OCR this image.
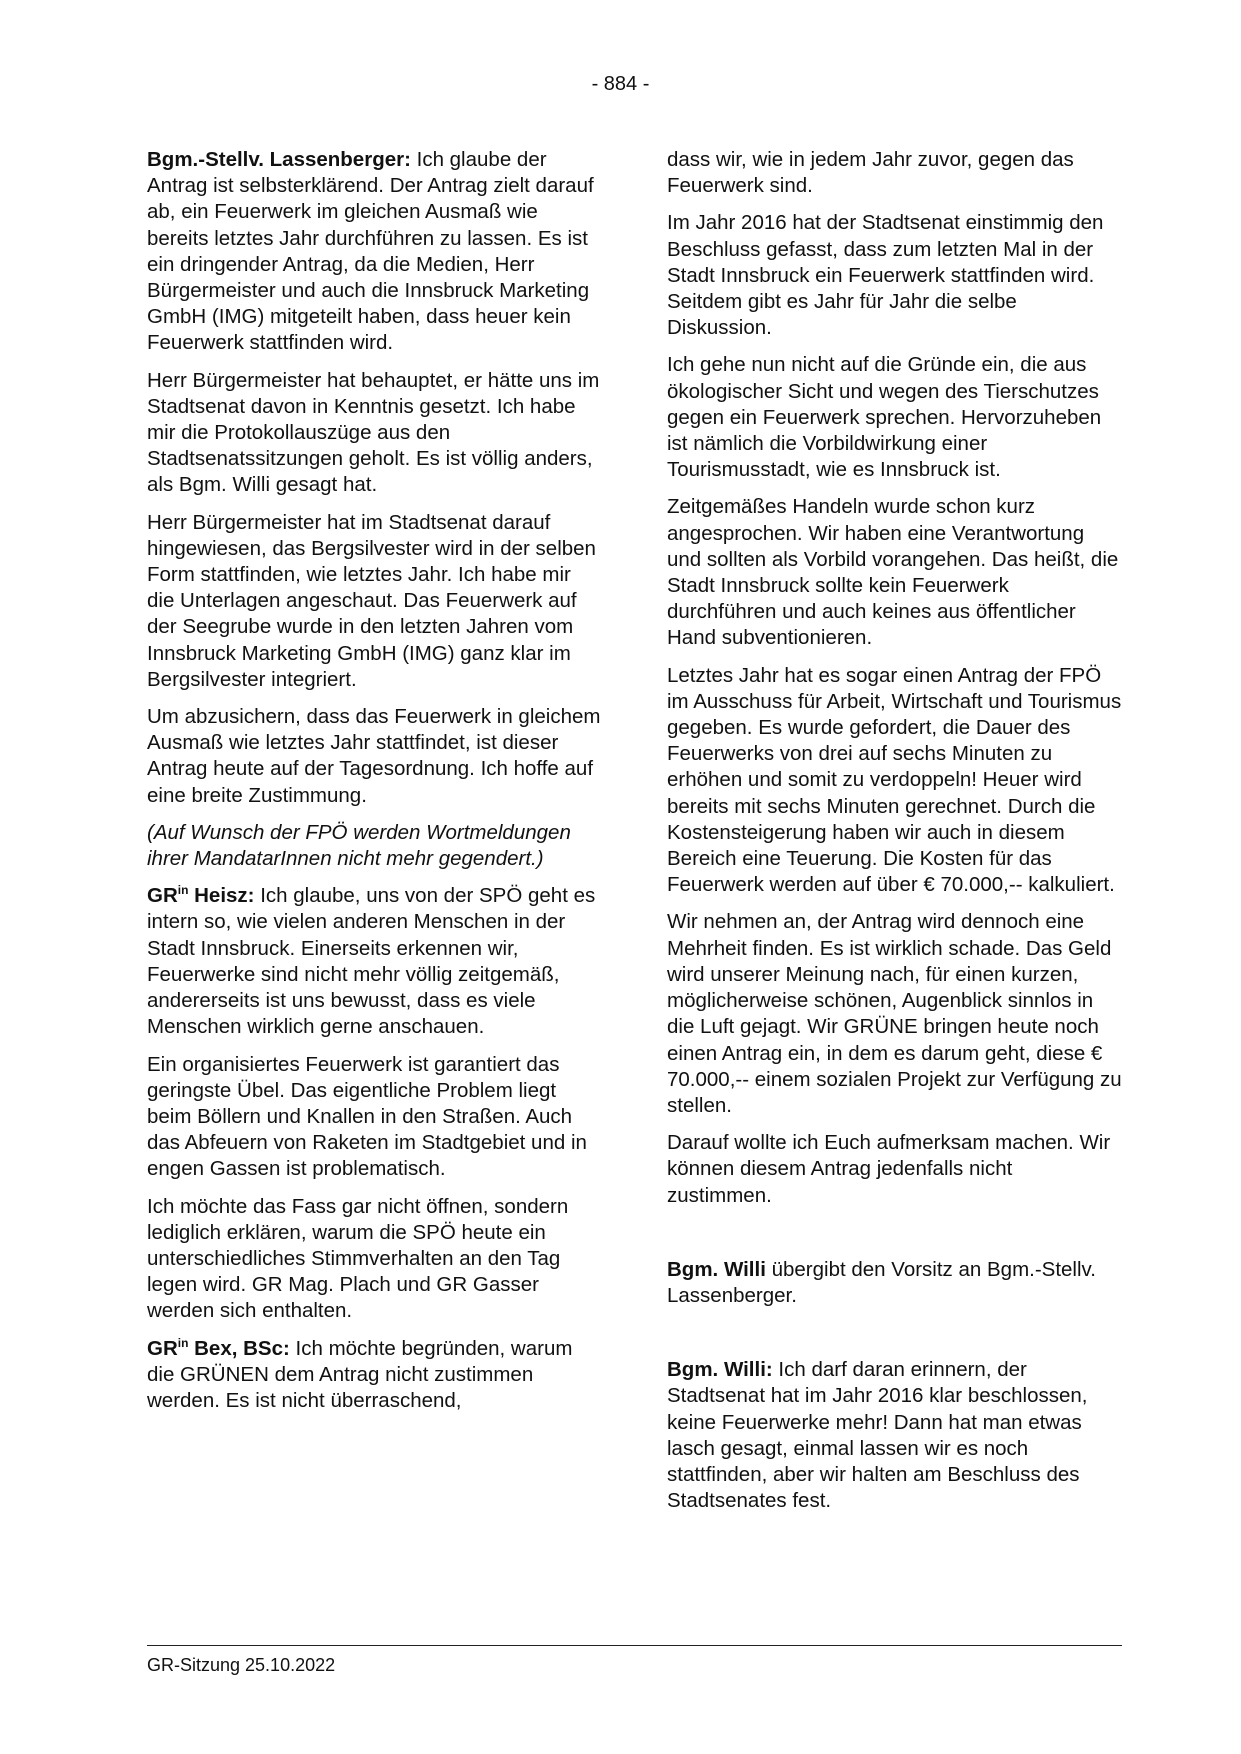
- 884 -

Bgm.-Stellv. Lassenberger: Ich glaube der Antrag ist selbsterklärend. Der Antrag zielt darauf ab, ein Feuerwerk im gleichen Ausmaß wie bereits letztes Jahr durchführen zu lassen. Es ist ein dringender Antrag, da die Medien, Herr Bürgermeister und auch die Innsbruck Marketing GmbH (IMG) mitgeteilt haben, dass heuer kein Feuerwerk stattfinden wird.

Herr Bürgermeister hat behauptet, er hätte uns im Stadtsenat davon in Kenntnis gesetzt. Ich habe mir die Protokollauszüge aus den Stadtsenatssitzungen geholt. Es ist völlig anders, als Bgm. Willi gesagt hat.

Herr Bürgermeister hat im Stadtsenat darauf hingewiesen, das Bergsilvester wird in der selben Form stattfinden, wie letztes Jahr. Ich habe mir die Unterlagen angeschaut. Das Feuerwerk auf der Seegrube wurde in den letzten Jahren vom Innsbruck Marketing GmbH (IMG) ganz klar im Bergsilvester integriert.

Um abzusichern, dass das Feuerwerk in gleichem Ausmaß wie letztes Jahr stattfindet, ist dieser Antrag heute auf der Tagesordnung. Ich hoffe auf eine breite Zustimmung.

(Auf Wunsch der FPÖ werden Wortmeldungen ihrer MandatarInnen nicht mehr gegendert.)

$GR^{in}$ Heisz: Ich glaube, uns von der SPÖ geht es intern so, wie vielen anderen Menschen in der Stadt Innsbruck. Einerseits erkennen wir, Feuerwerke sind nicht mehr völlig zeitgemäß, andererseits ist uns bewusst, dass es viele Menschen wirklich gerne anschauen.

Ein organisiertes Feuerwerk ist garantiert das geringste Übel. Das eigentliche Problem liegt beim Böllern und Knallen in den Straßen. Auch das Abfeuern von Raketen im Stadtgebiet und in engen Gassen ist problematisch.

Ich möchte das Fass gar nicht öffnen, sondern lediglich erklären, warum die SPÖ heute ein unterschiedliches Stimmverhalten an den Tag legen wird. GR Mag. Plach und GR Gasser werden sich enthalten.

$GR^{in}$ Bex, BSc: Ich möchte begründen, warum die GRÜNEN dem Antrag nicht zustimmen werden. Es ist nicht überraschend,

dass wir, wie in jedem Jahr zuvor, gegen das Feuerwerk sind.

Im Jahr 2016 hat der Stadtsenat einstimmig den Beschluss gefasst, dass zum letzten Mal in der Stadt Innsbruck ein Feuerwerk stattfinden wird. Seitdem gibt es Jahr für Jahr die selbe Diskussion.

Ich gehe nun nicht auf die Gründe ein, die aus ökologischer Sicht und wegen des Tierschutzes gegen ein Feuerwerk sprechen. Hervorzuheben ist nämlich die Vorbildwirkung einer Tourismusstadt, wie es Innsbruck ist.

Zeitgemäßes Handeln wurde schon kurz angesprochen. Wir haben eine Verantwortung und sollten als Vorbild vorangehen. Das heißt, die Stadt Innsbruck sollte kein Feuerwerk durchführen und auch keines aus öffentlicher Hand subventionieren.

Letztes Jahr hat es sogar einen Antrag der FPÖ im Ausschuss für Arbeit, Wirtschaft und Tourismus gegeben. Es wurde gefordert, die Dauer des Feuerwerks von drei auf sechs Minuten zu erhöhen und somit zu verdoppeln! Heuer wird bereits mit sechs Minuten gerechnet. Durch die Kostensteigerung haben wir auch in diesem Bereich eine Teuerung. Die Kosten für das Feuerwerk werden auf über € 70.000,-- kalkuliert.

Wir nehmen an, der Antrag wird dennoch eine Mehrheit finden. Es ist wirklich schade. Das Geld wird unserer Meinung nach, für einen kurzen, möglicherweise schönen, Augenblick sinnlos in die Luft gejagt. Wir GRÜNE bringen heute noch einen Antrag ein, in dem es darum geht, diese € 70.000,-- einem sozialen Projekt zur Verfügung zu stellen.

Darauf wollte ich Euch aufmerksam machen. Wir können diesem Antrag jedenfalls nicht zustimmen.

Bgm. Willi übergibt den Vorsitz an Bgm.-Stellv. Lassenberger.

Bgm. Willi: Ich darf daran erinnern, der Stadtsenat hat im Jahr 2016 klar beschlossen, keine Feuerwerke mehr! Dann hat man etwas lasch gesagt, einmal lassen wir es noch stattfinden, aber wir halten am Beschluss des Stadtsenates fest.

GR-Sitzung 25.10.2022
